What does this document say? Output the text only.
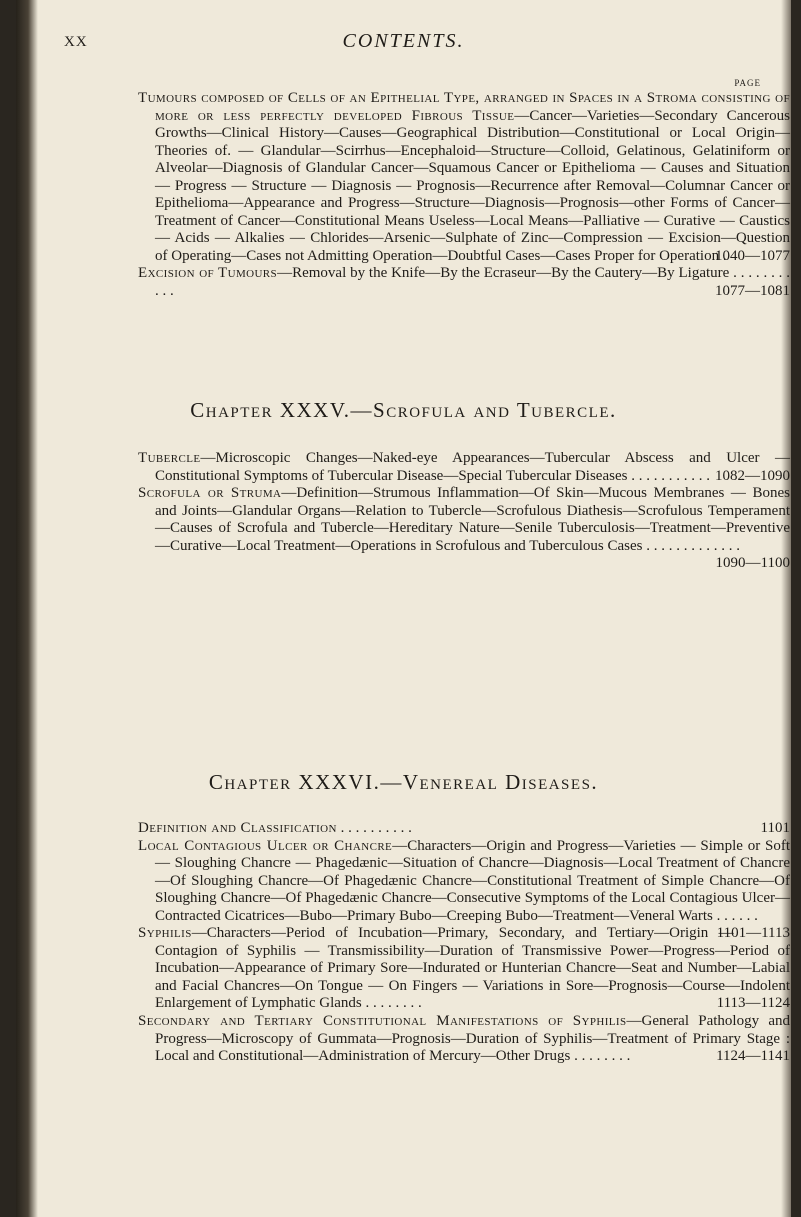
XX	CONTENTS.
PAGE

Tumours composed of Cells of an Epithelial Type, arranged in Spaces in a Stroma consisting of more or less perfectly developed Fibrous Tissue—Cancer—Varieties—Secondary Cancerous Growths—Clinical History—Causes—Geographical Distribution—Constitutional or Local Origin—Theories of. — Glandular—Scirrhus—Encephaloid—Structure—Colloid, Gelatinous, Gelatiniform or Alveolar—Diagnosis of Glandular Cancer—Squamous Cancer or Epithelioma — Causes and Situation — Progress — Structure — Diagnosis — Prognosis—Recurrence after Removal—Columnar Cancer or Epithelioma—Appearance and Progress—Structure—Diagnosis—Prognosis—other Forms of Cancer—Treatment of Cancer—Constitutional Means Useless—Local Means—Palliative — Curative — Caustics — Acids — Alkalies — Chlorides—Arsenic—Sulphate of Zinc—Compression — Excision—Question of Operating—Cases not Admitting Operation—Doubtful Cases—Cases Proper for Operation .
1040—1077

Excision of Tumours—Removal by the Knife—By the Ecraseur—By the Cautery—By Ligature . . . . . . . . . . .	1077—1081

Chapter XXXV.—Scrofula and Tubercle.

Tubercle—Microscopic Changes—Naked-eye Appearances—Tubercular Abscess and Ulcer — Constitutional Symptoms of Tubercular Disease—Special Tubercular Diseases . . . . . . . . . . . 1082—1090

Scrofula or Struma—Definition—Strumous Inflammation—Of Skin—Mucous Membranes — Bones and Joints—Glandular Organs—Relation to Tubercle—Scrofulous Diathesis—Scrofulous Temperament—Causes of Scrofula and Tubercle—Hereditary Nature—Senile Tuberculosis—Treatment—Preventive—Curative—Local Treatment—Operations in Scrofulous and Tuberculous Cases . . . . . . . . . . . . .
1090—1100

Chapter XXXVI.—Venereal Diseases.

Definition and Classification . . . . . . . . . .	1101

Local Contagious Ulcer or Chancre—Characters—Origin and Progress—Varieties — Simple or Soft — Sloughing Chancre — Phagedænic—Situation of Chancre—Diagnosis—Local Treatment of Chancre—Of Sloughing Chancre—Of Phagedænic Chancre—Constitutional Treatment of Simple Chancre—Of Sloughing Chancre—Of Phagedænic Chancre—Consecutive Symptoms of the Local Contagious Ulcer—Contracted Cicatrices—Bubo—Primary Bubo—Creeping Bubo—Treatment—Veneral Warts . . . . . .
1101—1113

Syphilis—Characters—Period of Incubation—Primary, Secondary, and Tertiary—Origin — Contagion of Syphilis — Transmissibility—Duration of Transmissive Power—Progress—Period of Incubation—Appearance of Primary Sore—Indurated or Hunterian Chancre—Seat and Number—Labial and Facial Chancres—On Tongue — On Fingers — Variations in Sore—Prognosis—Course—Indolent Enlargement of Lymphatic Glands . . . . . . . .	1113—1124

Secondary and Tertiary Constitutional Manifestations of Syphilis—General Pathology and Progress—Microscopy of Gummata—Prognosis—Duration of Syphilis—Treatment of Primary Stage : Local and Constitutional—Administration of Mercury—Other Drugs . . . . . . . .	1124—1141
